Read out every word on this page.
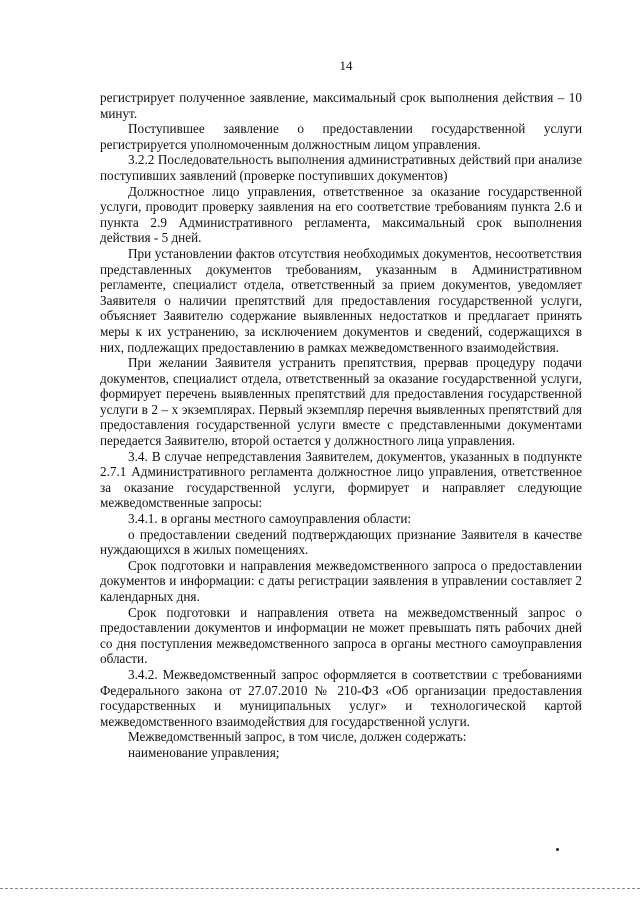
14

регистрирует полученное заявление, максимальный срок выполнения действия – 10 минут.

Поступившее заявление о предоставлении государственной услуги регистрируется уполномоченным должностным лицом управления.

3.2.2 Последовательность выполнения административных действий при анализе поступивших заявлений (проверке поступивших документов)

Должностное лицо управления, ответственное за оказание государственной услуги, проводит проверку заявления на его соответствие требованиям пункта 2.6 и пункта 2.9 Административного регламента, максимальный срок выполнения действия - 5 дней.

При установлении фактов отсутствия необходимых документов, несоответствия представленных документов требованиям, указанным в Административном регламенте, специалист отдела, ответственный за прием документов, уведомляет Заявителя о наличии препятствий для предоставления государственной услуги, объясняет Заявителю содержание выявленных недостатков и предлагает принять меры к их устранению, за исключением документов и сведений, содержащихся в них, подлежащих предоставлению в рамках межведомственного взаимодействия.

При желании Заявителя устранить препятствия, прервав процедуру подачи документов, специалист отдела, ответственный за оказание государственной услуги, формирует перечень выявленных препятствий для предоставления государственной услуги в 2 – х экземплярах. Первый экземпляр перечня выявленных препятствий для предоставления государственной услуги вместе с представленными документами передается Заявителю, второй остается у должностного лица управления.

3.4. В случае непредставления Заявителем, документов, указанных в подпункте 2.7.1 Административного регламента должностное лицо управления, ответственное за оказание государственной услуги, формирует и направляет следующие межведомственные запросы:

3.4.1. в органы местного самоуправления области:

о предоставлении сведений подтверждающих признание Заявителя в качестве нуждающихся в жилых помещениях.

Срок подготовки и направления межведомственного запроса о предоставлении документов и информации: с даты регистрации заявления в управлении составляет 2 календарных дня.

Срок подготовки и направления ответа на межведомственный запрос о предоставлении документов и информации не может превышать пять рабочих дней со дня поступления межведомственного запроса в органы местного самоуправления области.

3.4.2. Межведомственный запрос оформляется в соответствии с требованиями Федерального закона от 27.07.2010 № 210-ФЗ «Об организации предоставления государственных и муниципальных услуг» и технологической картой межведомственного взаимодействия для государственной услуги.

Межведомственный запрос, в том числе, должен содержать:

наименование управления;
